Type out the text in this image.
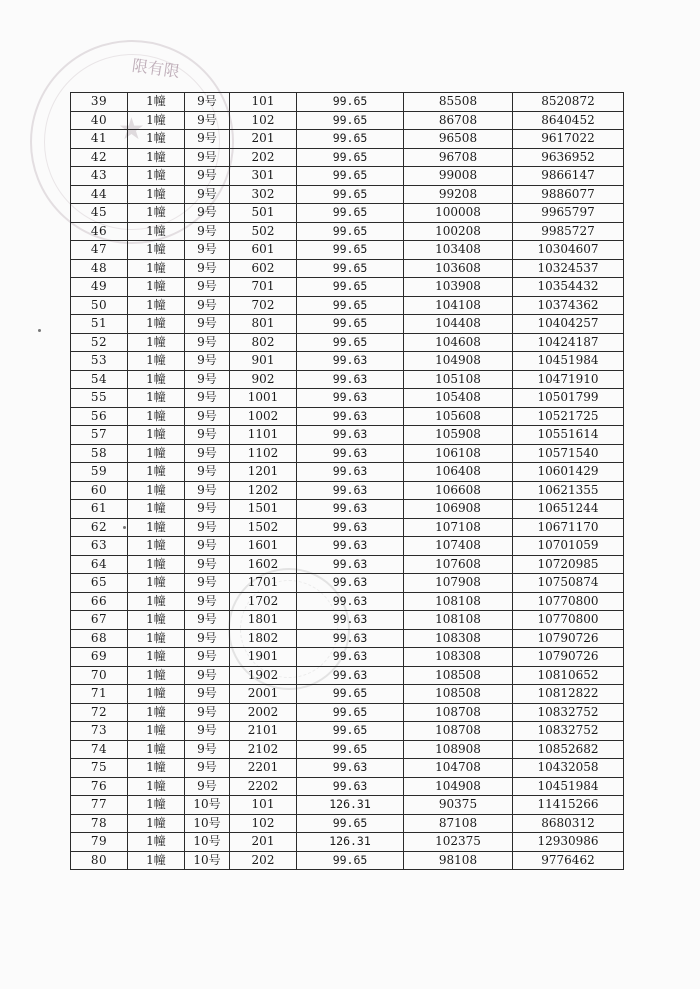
限有限
★
39	1幢	9号	101	99.65	85508	8520872
40	1幢	9号	102	99.65	86708	8640452
41	1幢	9号	201	99.65	96508	9617022
42	1幢	9号	202	99.65	96708	9636952
43	1幢	9号	301	99.65	99008	9866147
44	1幢	9号	302	99.65	99208	9886077
45	1幢	9号	501	99.65	100008	9965797
46	1幢	9号	502	99.65	100208	9985727
47	1幢	9号	601	99.65	103408	10304607
48	1幢	9号	602	99.65	103608	10324537
49	1幢	9号	701	99.65	103908	10354432
50	1幢	9号	702	99.65	104108	10374362
51	1幢	9号	801	99.65	104408	10404257
52	1幢	9号	802	99.65	104608	10424187
53	1幢	9号	901	99.63	104908	10451984
54	1幢	9号	902	99.63	105108	10471910
55	1幢	9号	1001	99.63	105408	10501799
56	1幢	9号	1002	99.63	105608	10521725
57	1幢	9号	1101	99.63	105908	10551614
58	1幢	9号	1102	99.63	106108	10571540
59	1幢	9号	1201	99.63	106408	10601429
60	1幢	9号	1202	99.63	106608	10621355
61	1幢	9号	1501	99.63	106908	10651244
62	1幢	9号	1502	99.63	107108	10671170
63	1幢	9号	1601	99.63	107408	10701059
64	1幢	9号	1602	99.63	107608	10720985
65	1幢	9号	1701	99.63	107908	10750874
66	1幢	9号	1702	99.63	108108	10770800
67	1幢	9号	1801	99.63	108108	10770800
68	1幢	9号	1802	99.63	108308	10790726
69	1幢	9号	1901	99.63	108308	10790726
70	1幢	9号	1902	99.63	108508	10810652
71	1幢	9号	2001	99.65	108508	10812822
72	1幢	9号	2002	99.65	108708	10832752
73	1幢	9号	2101	99.65	108708	10832752
74	1幢	9号	2102	99.65	108908	10852682
75	1幢	9号	2201	99.63	104708	10432058
76	1幢	9号	2202	99.63	104908	10451984
77	1幢	10号	101	126.31	90375	11415266
78	1幢	10号	102	99.65	87108	8680312
79	1幢	10号	201	126.31	102375	12930986
80	1幢	10号	202	99.65	98108	9776462
